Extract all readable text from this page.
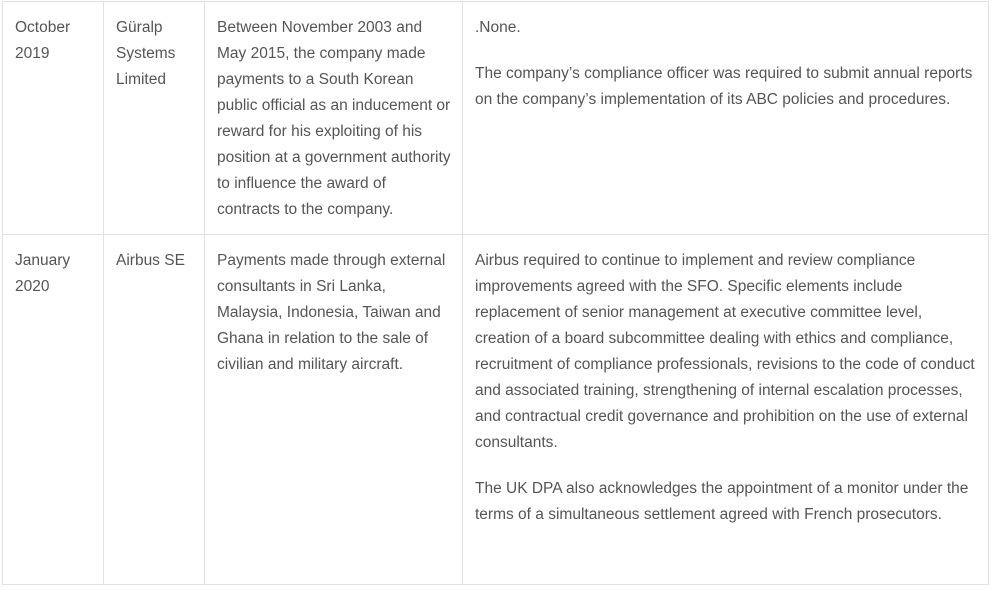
October 2019	Güralp Systems Limited	Between November 2003 and May 2015, the company made payments to a South Korean public official as an inducement or reward for his exploiting of his position at a government authority to influence the award of contracts to the company.	.None.

The company’s compliance officer was required to submit annual reports on the company’s implementation of its ABC policies and procedures.

January 2020	Airbus SE	Payments made through external consultants in Sri Lanka, Malaysia, Indonesia, Taiwan and Ghana in relation to the sale of civilian and military aircraft.	Airbus required to continue to implement and review compliance improvements agreed with the SFO. Specific elements include replacement of senior management at executive committee level, creation of a board subcommittee dealing with ethics and compliance, recruitment of compliance professionals, revisions to the code of conduct and associated training, strengthening of internal escalation processes, and contractual credit governance and prohibition on the use of external consultants.

The UK DPA also acknowledges the appointment of a monitor under the terms of a simultaneous settlement agreed with French prosecutors.
